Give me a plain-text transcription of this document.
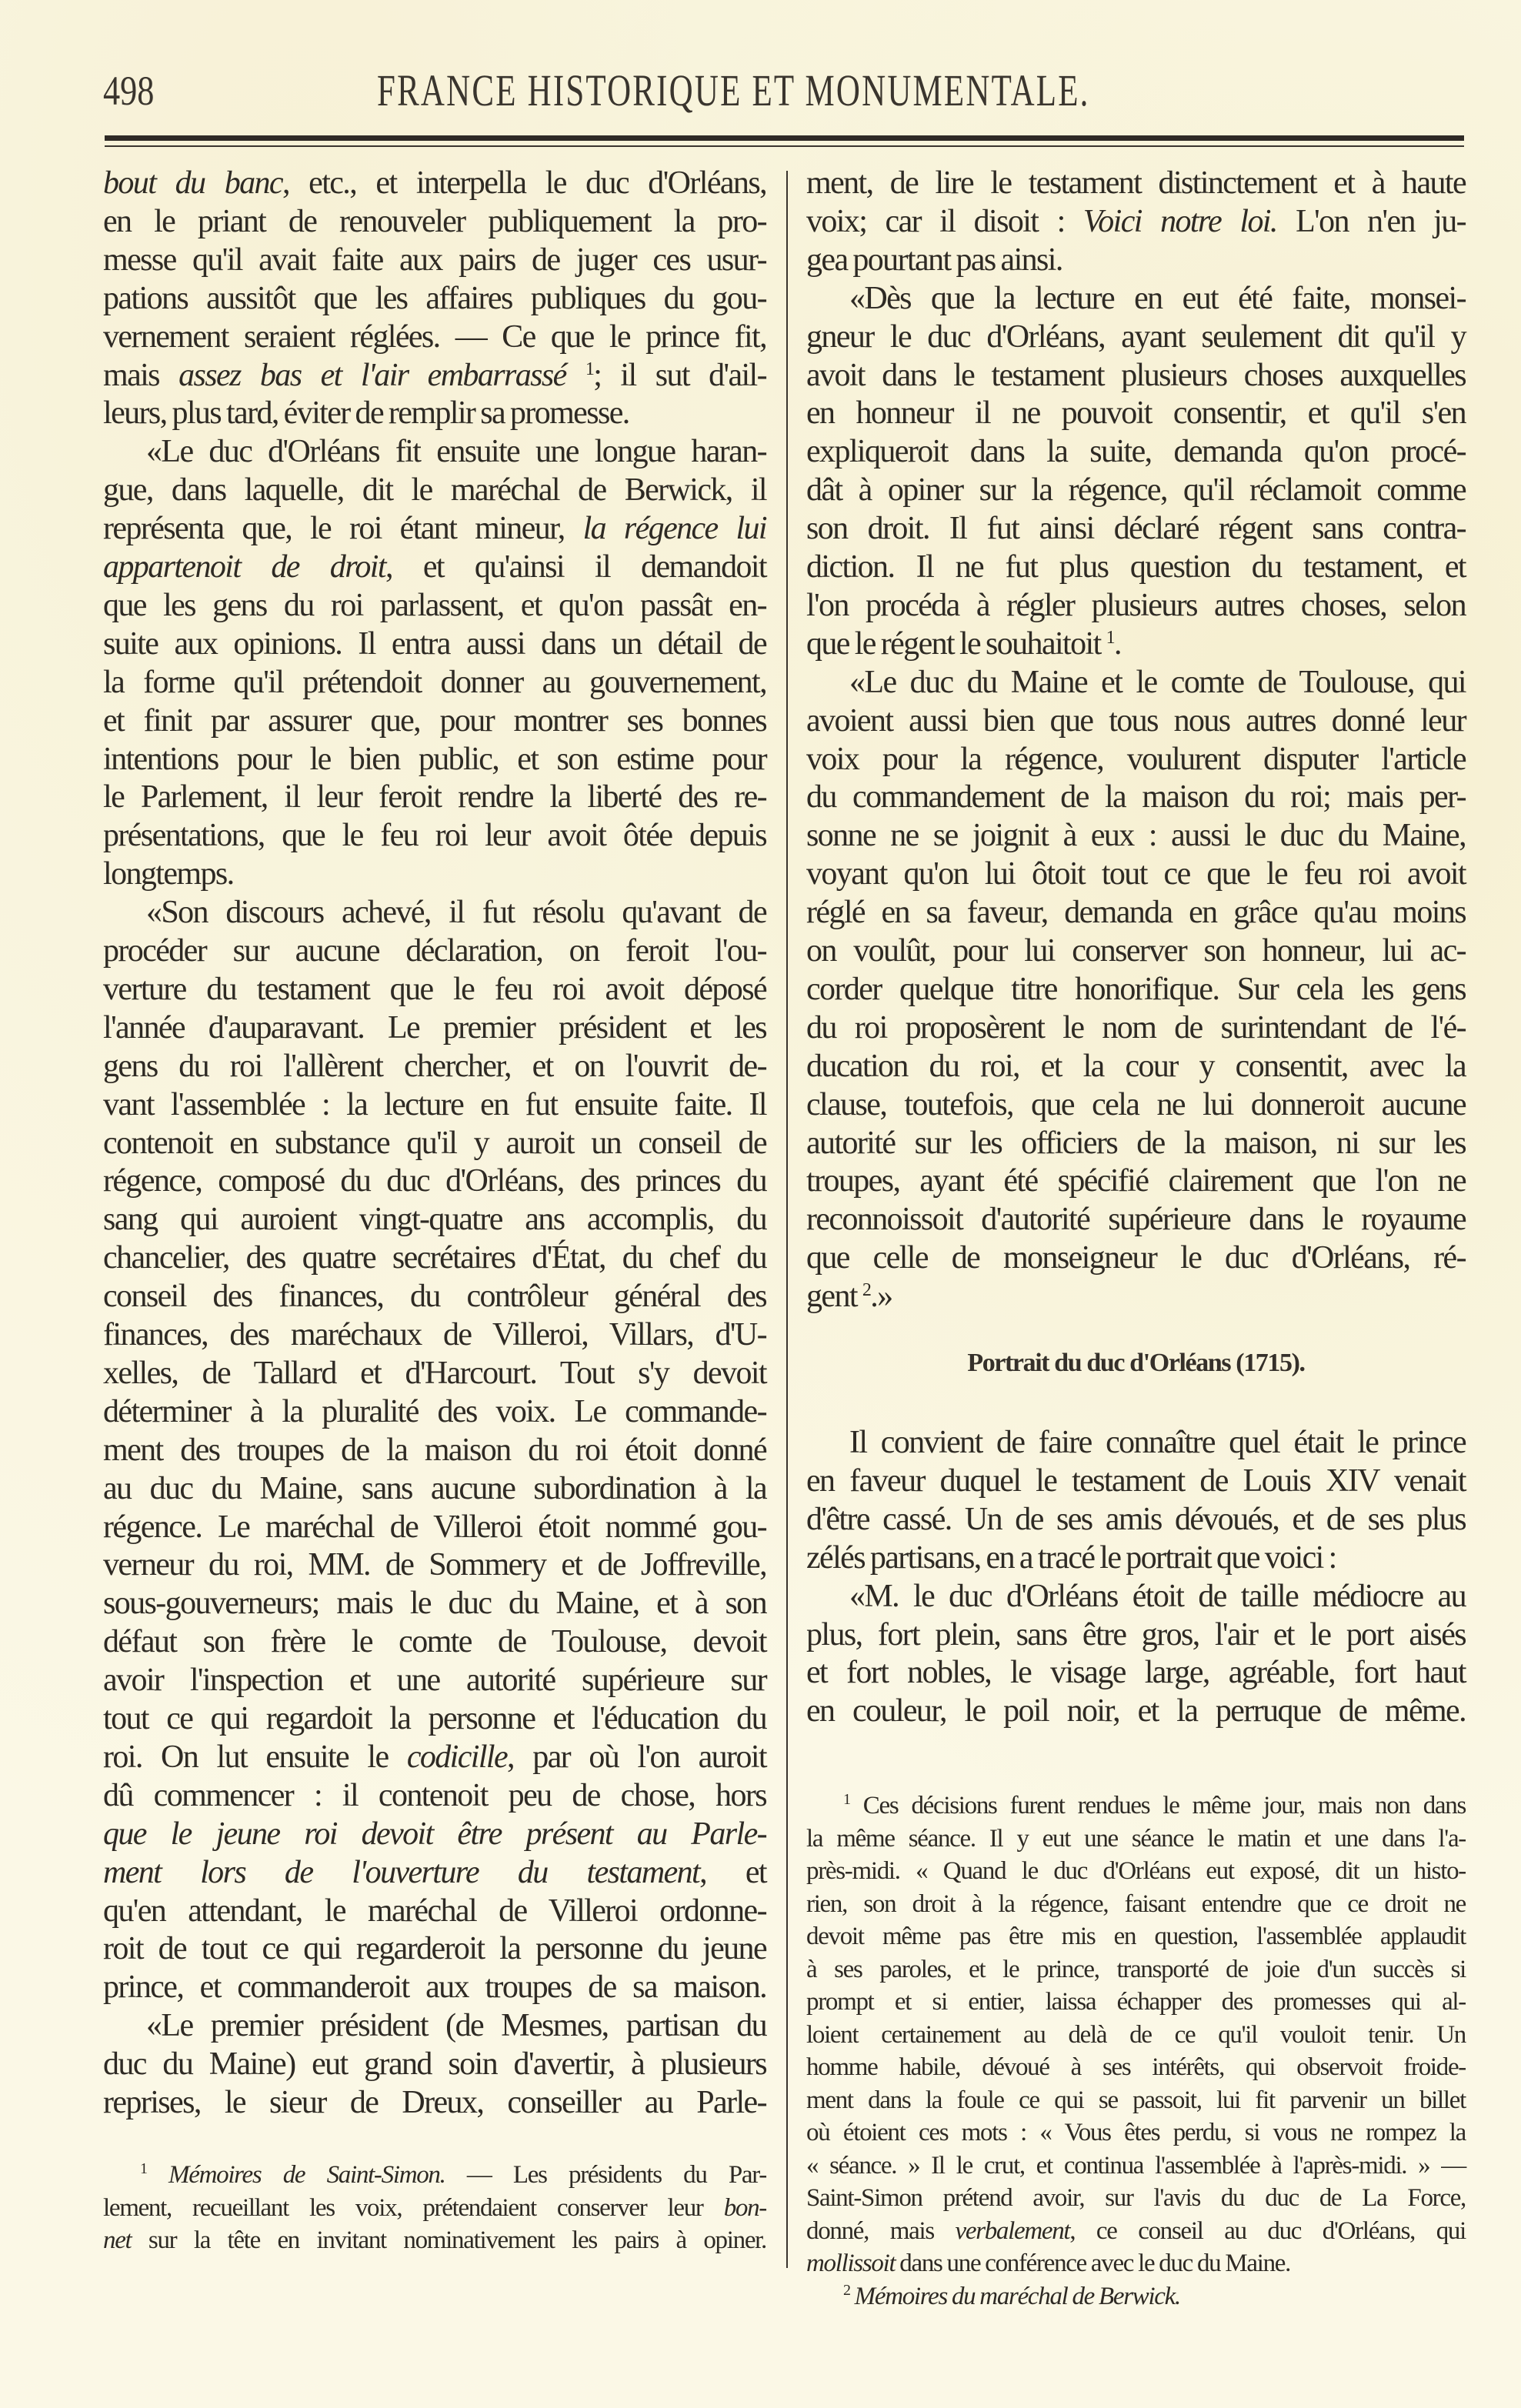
498	FRANCE HISTORIQUE ET MONUMENTALE.
bout du banc, etc., et interpella le duc d'Orléans,
en le priant de renouveler publiquement la pro-
messe qu'il avait faite aux pairs de juger ces usur-
pations aussitôt que les affaires publiques du gou-
vernement seraient réglées. — Ce que le prince fit,
mais assez bas et l'air embarrassé $^1$; il sut d'ail-
leurs, plus tard, éviter de remplir sa promesse.
«Le duc d'Orléans fit ensuite une longue haran-
gue, dans laquelle, dit le maréchal de Berwick, il
représenta que, le roi étant mineur, la régence lui
appartenoit de droit, et qu'ainsi il demandoit
que les gens du roi parlassent, et qu'on passât en-
suite aux opinions. Il entra aussi dans un détail de
la forme qu'il prétendoit donner au gouvernement,
et finit par assurer que, pour montrer ses bonnes
intentions pour le bien public, et son estime pour
le Parlement, il leur feroit rendre la liberté des re-
présentations, que le feu roi leur avoit ôtée depuis
longtemps.
«Son discours achevé, il fut résolu qu'avant de
procéder sur aucune déclaration, on feroit l'ou-
verture du testament que le feu roi avoit déposé
l'année d'auparavant. Le premier président et les
gens du roi l'allèrent chercher, et on l'ouvrit de-
vant l'assemblée : la lecture en fut ensuite faite. Il
contenoit en substance qu'il y auroit un conseil de
régence, composé du duc d'Orléans, des princes du
sang qui auroient vingt-quatre ans accomplis, du
chancelier, des quatre secrétaires d'État, du chef du
conseil des finances, du contrôleur général des
finances, des maréchaux de Villeroi, Villars, d'U-
xelles, de Tallard et d'Harcourt. Tout s'y devoit
déterminer à la pluralité des voix. Le commande-
ment des troupes de la maison du roi étoit donné
au duc du Maine, sans aucune subordination à la
régence. Le maréchal de Villeroi étoit nommé gou-
verneur du roi, MM. de Sommery et de Joffreville,
sous-gouverneurs; mais le duc du Maine, et à son
défaut son frère le comte de Toulouse, devoit
avoir l'inspection et une autorité supérieure sur
tout ce qui regardoit la personne et l'éducation du
roi. On lut ensuite le codicille, par où l'on auroit
dû commencer : il contenoit peu de chose, hors
que le jeune roi devoit être présent au Parle-
ment lors de l'ouverture du testament, et
qu'en attendant, le maréchal de Villeroi ordonne-
roit de tout ce qui regarderoit la personne du jeune
prince, et commanderoit aux troupes de sa maison.
«Le premier président (de Mesmes, partisan du
duc du Maine) eut grand soin d'avertir, à plusieurs
reprises, le sieur de Dreux, conseiller au Parle-
$^1$ Mémoires de Saint-Simon. — Les présidents du Par-
lement, recueillant les voix, prétendaient conserver leur bon-
net sur la tête en invitant nominativement les pairs à opiner.
ment, de lire le testament distinctement et à haute
voix; car il disoit : Voici notre loi. L'on n'en ju-
gea pourtant pas ainsi.
«Dès que la lecture en eut été faite, monsei-
gneur le duc d'Orléans, ayant seulement dit qu'il y
avoit dans le testament plusieurs choses auxquelles
en honneur il ne pouvoit consentir, et qu'il s'en
expliqueroit dans la suite, demanda qu'on procé-
dât à opiner sur la régence, qu'il réclamoit comme
son droit. Il fut ainsi déclaré régent sans contra-
diction. Il ne fut plus question du testament, et
l'on procéda à régler plusieurs autres choses, selon
que le régent le souhaitoit $^1$.
«Le duc du Maine et le comte de Toulouse, qui
avoient aussi bien que tous nous autres donné leur
voix pour la régence, voulurent disputer l'article
du commandement de la maison du roi; mais per-
sonne ne se joignit à eux : aussi le duc du Maine,
voyant qu'on lui ôtoit tout ce que le feu roi avoit
réglé en sa faveur, demanda en grâce qu'au moins
on voulût, pour lui conserver son honneur, lui ac-
corder quelque titre honorifique. Sur cela les gens
du roi proposèrent le nom de surintendant de l'é-
ducation du roi, et la cour y consentit, avec la
clause, toutefois, que cela ne lui donneroit aucune
autorité sur les officiers de la maison, ni sur les
troupes, ayant été spécifié clairement que l'on ne
reconnoissoit d'autorité supérieure dans le royaume
que celle de monseigneur le duc d'Orléans, ré-
gent $^2$.»
Portrait du duc d'Orléans (1715).
Il convient de faire connaître quel était le prince
en faveur duquel le testament de Louis XIV venait
d'être cassé. Un de ses amis dévoués, et de ses plus
zélés partisans, en a tracé le portrait que voici :
«M. le duc d'Orléans étoit de taille médiocre au
plus, fort plein, sans être gros, l'air et le port aisés
et fort nobles, le visage large, agréable, fort haut
en couleur, le poil noir, et la perruque de même.
$^1$ Ces décisions furent rendues le même jour, mais non dans
la même séance. Il y eut une séance le matin et une dans l'a-
près-midi. « Quand le duc d'Orléans eut exposé, dit un histo-
rien, son droit à la régence, faisant entendre que ce droit ne
devoit même pas être mis en question, l'assemblée applaudit
à ses paroles, et le prince, transporté de joie d'un succès si
prompt et si entier, laissa échapper des promesses qui al-
loient certainement au delà de ce qu'il vouloit tenir. Un
homme habile, dévoué à ses intérêts, qui observoit froide-
ment dans la foule ce qui se passoit, lui fit parvenir un billet
où étoient ces mots : « Vous êtes perdu, si vous ne rompez la
« séance. » Il le crut, et continua l'assemblée à l'après-midi. » —
Saint-Simon prétend avoir, sur l'avis du duc de La Force,
donné, mais verbalement, ce conseil au duc d'Orléans, qui
mollissoit dans une conférence avec le duc du Maine.
$^2$ Mémoires du maréchal de Berwick.
